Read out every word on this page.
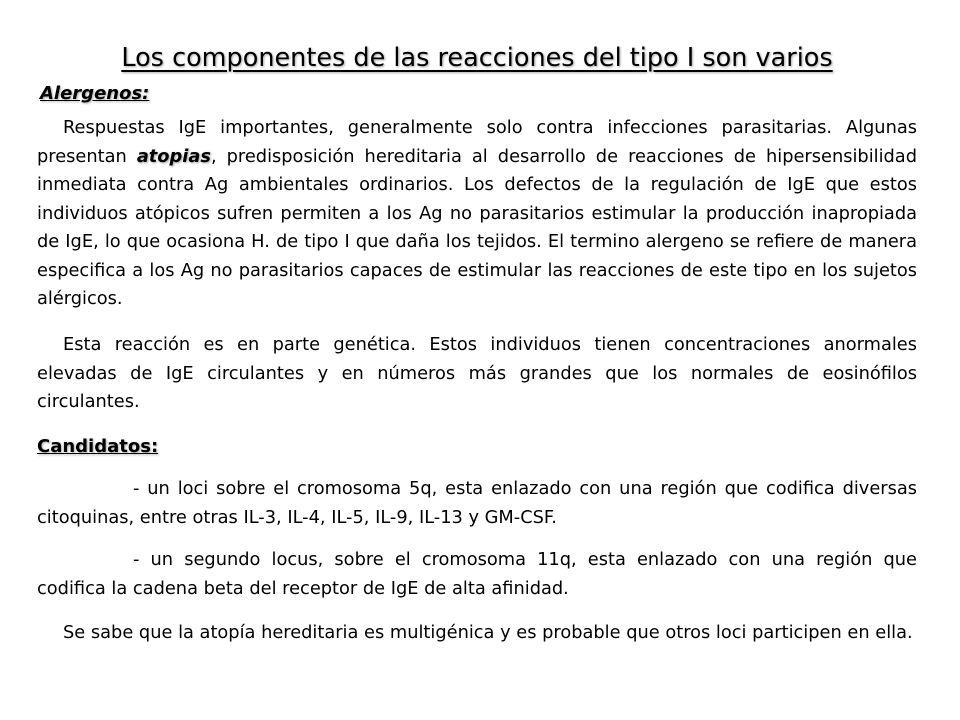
Los componentes de las reacciones del tipo I son varios
Alergenos:

Respuestas IgE importantes, generalmente solo contra infecciones parasitarias. Algunas presentan atopias, predisposición hereditaria al desarrollo de reacciones de hipersensibilidad inmediata contra Ag ambientales ordinarios. Los defectos de la regulación de IgE que estos individuos atópicos sufren permiten a los Ag no parasitarios estimular la producción inapropiada de IgE, lo que ocasiona H. de tipo I que daña los tejidos. El termino alergeno se refiere de manera especifica a los Ag no parasitarios capaces de estimular las reacciones de este tipo en los sujetos alérgicos.

Esta reacción es en parte genética. Estos individuos tienen concentraciones anormales elevadas de IgE circulantes y en números más grandes que los normales de eosinófilos circulantes.

Candidatos:

- un loci sobre el cromosoma 5q, esta enlazado con una región que codifica diversas citoquinas, entre otras IL-3, IL-4, IL-5, IL-9, IL-13 y GM-CSF.

- un segundo locus, sobre el cromosoma 11q, esta enlazado con una región que codifica la cadena beta del receptor de IgE de alta afinidad.

Se sabe que la atopía hereditaria es multigénica y es probable que otros loci participen en ella.
